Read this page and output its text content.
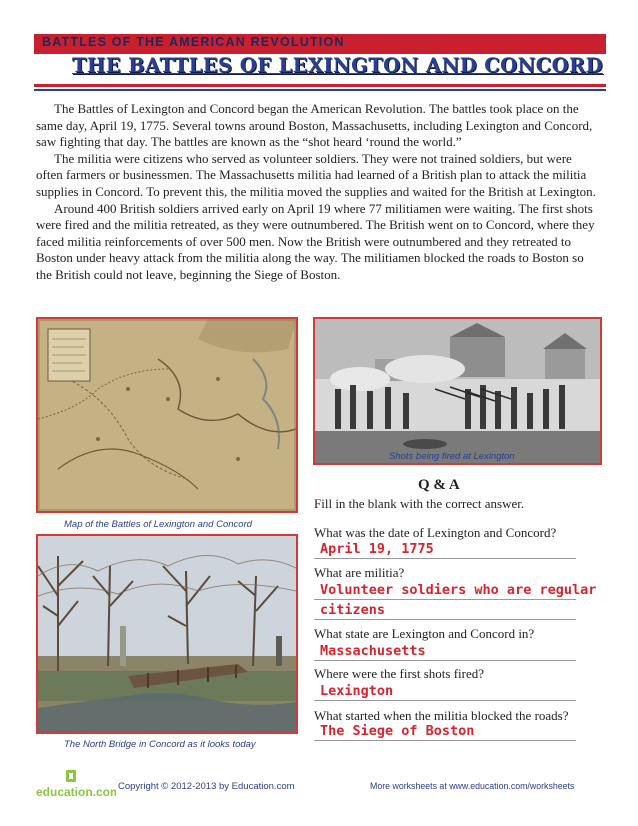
BATTLES OF THE AMERICAN REVOLUTION
THE BATTLES OF LEXINGTON AND CONCORD

The Battles of Lexington and Concord began the American Revolution. The battles took place on the same day, April 19, 1775. Several towns around Boston, Massachusetts, including Lexington and Concord, saw fighting that day. The battles are known as the “shot heard ‘round the world.”

The militia were citizens who served as volunteer soldiers. They were not trained soldiers, but were often farmers or businessmen. The Massachusetts militia had learned of a British plan to attack the militia supplies in Concord. To prevent this, the militia moved the supplies and waited for the British at Lexington.

Around 400 British soldiers arrived early on April 19 where 77 militiamen were waiting. The first shots were fired and the militia retreated, as they were outnumbered. The British went on to Concord, where they faced militia reinforcements of over 500 men. Now the British were outnumbered and they retreated to Boston under heavy attack from the militia along the way. The militiamen blocked the roads to Boston so the British could not leave, beginning the Siege of Boston.

Map of the Battles of Lexington and Concord
Shots being fired at Lexington
The North Bridge in Concord as it looks today
Q & A
Fill in the blank with the correct answer.
What was the date of Lexington and Concord?
April 19, 1775
What are militia?
Volunteer soldiers who are regular
citizens
What state are Lexington and Concord in?
Massachusetts
Where were the first shots fired?
Lexington
What started when the militia blocked the roads?
The Siege of Boston
education.com
Copyright © 2012-2013 by Education.com	More worksheets at www.education.com/worksheets
